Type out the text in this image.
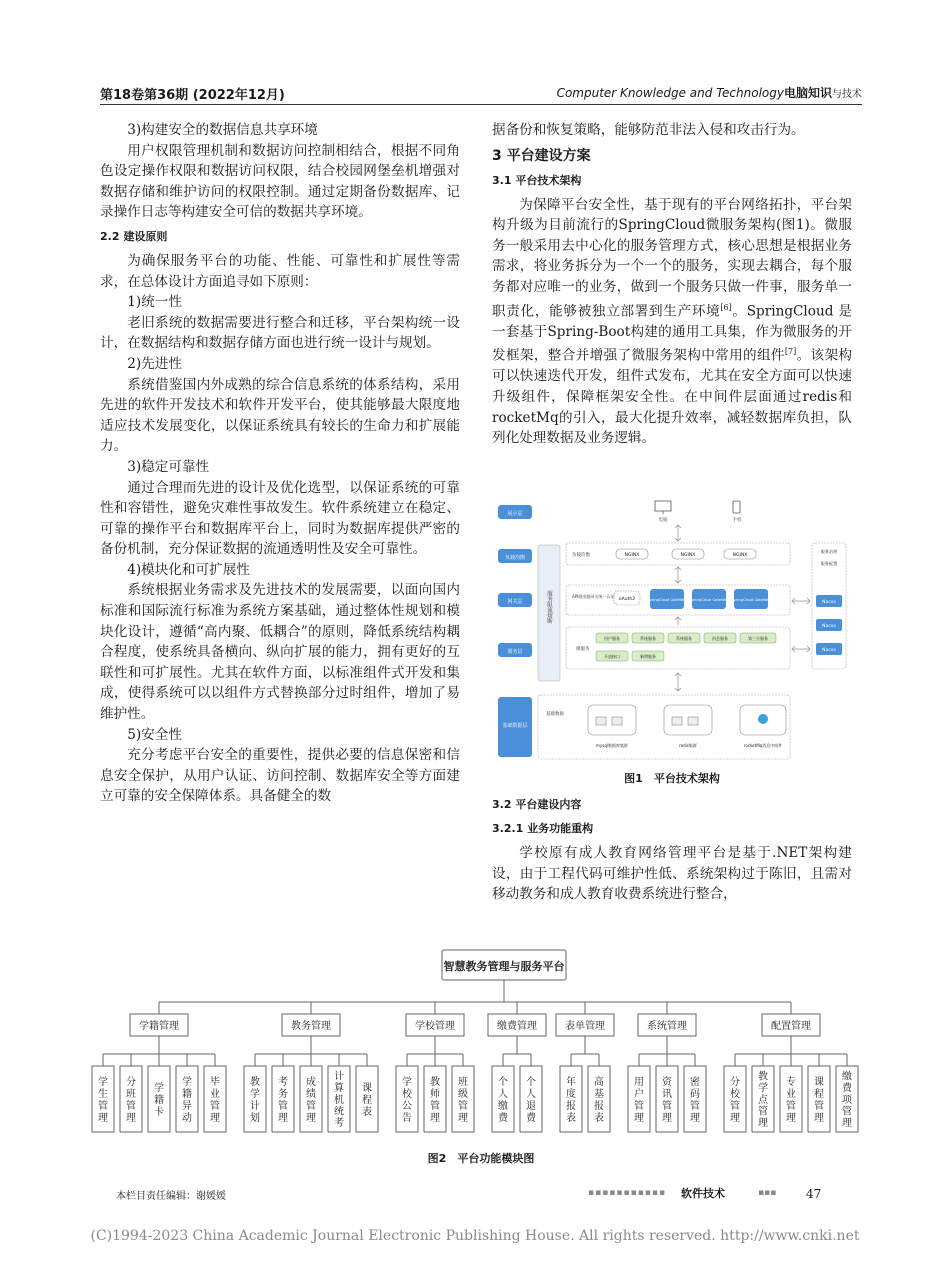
第18卷第36期 (2022年12月)	Computer Knowledge and Technology电脑知识与技术

3)构建安全的数据信息共享环境

用户权限管理机制和数据访问控制相结合，根据不同角色设定操作权限和数据访问权限，结合校园网堡垒机增强对数据存储和维护访问的权限控制。通过定期备份数据库、记录操作日志等构建安全可信的数据共享环境。

2.2 建设原则

为确保服务平台的功能、性能、可靠性和扩展性等需求，在总体设计方面追寻如下原则：

1)统一性

老旧系统的数据需要进行整合和迁移，平台架构统一设计，在数据结构和数据存储方面也进行统一设计与规划。

2)先进性

系统借鉴国内外成熟的综合信息系统的体系结构，采用先进的软件开发技术和软件开发平台，使其能够最大限度地适应技术发展变化，以保证系统具有较长的生命力和扩展能力。

3)稳定可靠性

通过合理而先进的设计及优化选型，以保证系统的可靠性和容错性，避免灾难性事故发生。软件系统建立在稳定、可靠的操作平台和数据库平台上，同时为数据库提供严密的备份机制，充分保证数据的流通透明性及安全可靠性。

4)模块化和可扩展性

系统根据业务需求及先进技术的发展需要，以面向国内标准和国际流行标准为系统方案基础，通过整体性规划和模块化设计，遵循“高内聚、低耦合”的原则，降低系统结构耦合程度，使系统具备横向、纵向扩展的能力，拥有更好的互联性和可扩展性。尤其在软件方面，以标准组件式开发和集成，使得系统可以以组件方式替换部分过时组件，增加了易维护性。

5)安全性

充分考虑平台安全的重要性，提供必要的信息保密和信息安全保护，从用户认证、访问控制、数据库安全等方面建立可靠的安全保障体系。具备健全的数

据备份和恢复策略，能够防范非法入侵和攻击行为。

3 平台建设方案
3.1 平台技术架构

为保障平台安全性，基于现有的平台网络拓扑，平台架构升级为目前流行的SpringCloud微服务架构(图1)。微服务一般采用去中心化的服务管理方式，核心思想是根据业务需求，将业务拆分为一个一个的服务，实现去耦合，每个服务都对应唯一的业务，做到一个服务只做一件事，服务单一职责化，能够被独立部署到生产环境[6]。SpringCloud 是一套基于Spring-Boot构建的通用工具集，作为微服务的开发框架，整合并增强了微服务架构中常用的组件[7]。该架构可以快速迭代开发，组件式发布，尤其在安全方面可以快速升级组件，保障框架安全性。在中间件层面通过redis和rocketMq的引入，最大化提升效率，减轻数据库负担，队列化处理数据及业务逻辑。

展示层
负载均衡
网关层
服务层
基础数据层
电脑	手机
服务限流熔断
负载均衡	NGINX	NGINX	NGINX
API路由跟网关统一认证
oAuth2	SpringCloud GateWay SpringCloud GateWay SpringCloud GateWay
微服务
用户服务	系统服务	系统服务	消息服务	第三方服务
开放接口	新增服务
基础数据
mysql数据库集群	redis集群	rocketMq消息中间件
服务治理
服务配置
Nacos
Nacos
Nacos
图1　平台技术架构
3.2 平台建设内容
3.2.1 业务功能重构

学校原有成人教育网络管理平台是基于.NET架构建设，由于工程代码可维护性低、系统架构过于陈旧，且需对移动教务和成人教育收费系统进行整合，

智慧教务管理与服务平台
学籍管理
学生管理
分班管理
学籍卡
学籍异动
毕业管理
教务管理
教学计划
考务管理
成绩管理
计算机统考
课程表
学校管理
学校公告
教师管理
班级管理
缴费管理
个人缴费
个人退费
表单管理
年度报表
高基报表
系统管理
用户管理
资讯管理
密码管理
配置管理
分校管理
教学点管理
专业管理
课程管理
缴费项管理
图2　平台功能模块图
本栏目责任编辑：谢媛媛	▪▪▪▪▪▪▪▪▪▪▪ 软件技术	▪▪▪ 47
(C)1994-2023 China Academic Journal Electronic Publishing House. All rights reserved. http://www.cnki.net
